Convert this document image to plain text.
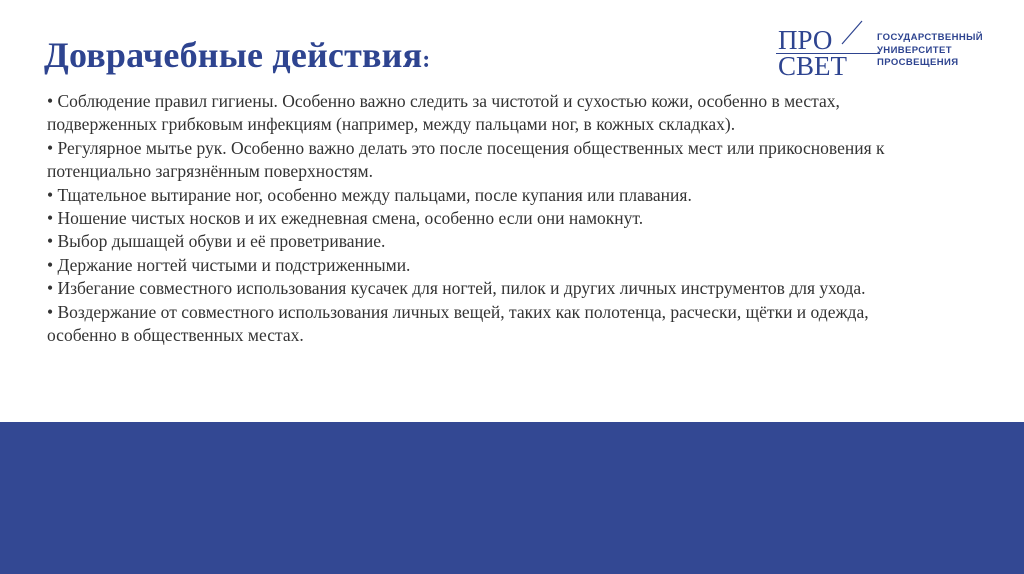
Доврачебные действия:
ПРО
СВЕТ
ГОСУДАРСТВЕННЫЙ
УНИВЕРСИТЕТ
ПРОСВЕЩЕНИЯ
• Соблюдение правил гигиены. Особенно важно следить за чистотой и сухостью кожи, особенно в местах, подверженных грибковым инфекциям (например, между пальцами ног, в кожных складках).
• Регулярное мытье рук. Особенно важно делать это после посещения общественных мест или прикосновения к потенциально загрязнённым поверхностям.
• Тщательное вытирание ног, особенно между пальцами, после купания или плавания.
• Ношение чистых носков и их ежедневная смена, особенно если они намокнут.
• Выбор дышащей обуви и её проветривание.
• Держание ногтей чистыми и подстриженными.
• Избегание совместного использования кусачек для ногтей, пилок и других личных инструментов для ухода.
• Воздержание от совместного использования личных вещей, таких как полотенца, расчески, щётки и одежда, особенно в общественных местах.
